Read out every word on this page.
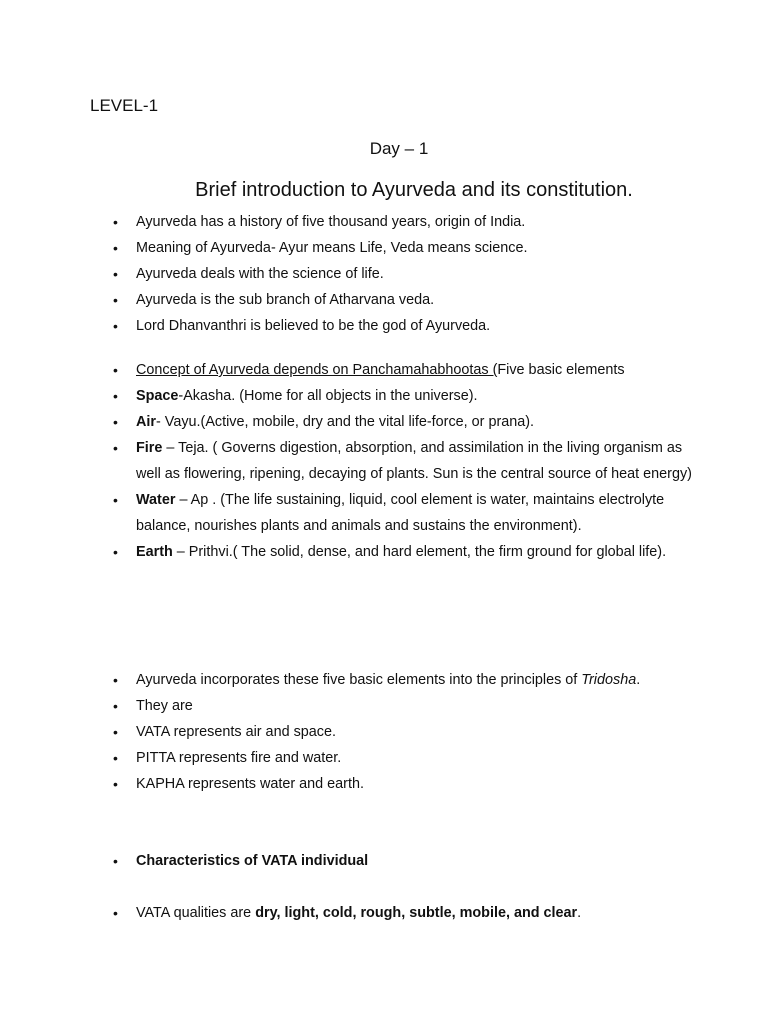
LEVEL-1
Day – 1
Brief introduction to Ayurveda and its constitution.
• Ayurveda has a history of five thousand years, origin of India.
• Meaning of Ayurveda- Ayur means Life, Veda means science.
• Ayurveda deals with the science of life.
• Ayurveda is the sub branch of Atharvana veda.
• Lord Dhanvanthri is believed to be the god of Ayurveda.
• Concept of Ayurveda depends on Panchamahabhootas (Five basic elements
• Space-Akasha. (Home for all objects in the universe).
• Air- Vayu.(Active, mobile, dry and the vital life-force, or prana).
• Fire – Teja. ( Governs digestion, absorption, and assimilation in the living organism as well as flowering, ripening, decaying of plants. Sun is the central source of heat energy)
• Water – Ap . (The life sustaining, liquid, cool element is water, maintains electrolyte balance, nourishes plants and animals and sustains the environment).
• Earth – Prithvi.( The solid, dense, and hard element, the firm ground for global life).
• Ayurveda incorporates these five basic elements into the principles of Tridosha.
• They are
• VATA represents air and space.
• PITTA represents fire and water.
• KAPHA represents water and earth.
• Characteristics of VATA individual
• VATA qualities are dry, light, cold, rough, subtle, mobile, and clear.
